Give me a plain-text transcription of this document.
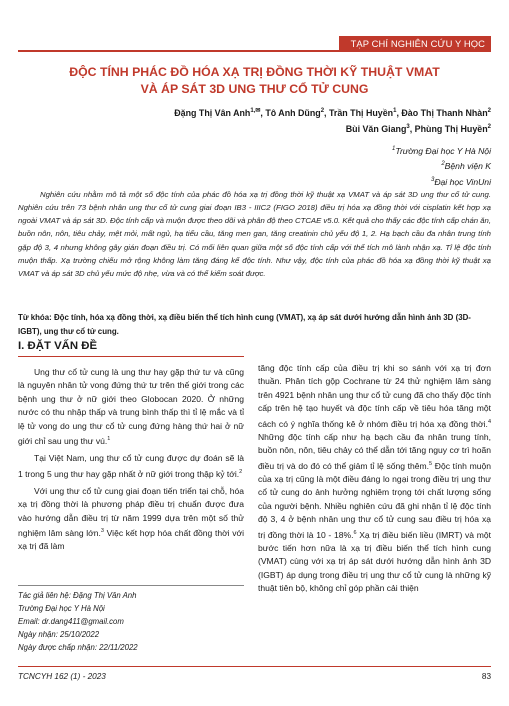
TẠP CHÍ NGHIÊN CỨU Y HỌC
ĐỘC TÍNH PHÁC ĐỒ HÓA XẠ TRỊ ĐỒNG THỜI KỸ THUẬT VMAT
VÀ ÁP SÁT 3D UNG THƯ CỔ TỬ CUNG
Đặng Thị Vân Anh$^{1,✉}$, Tô Anh Dũng$^2$, Trần Thị Huyền$^1$, Đào Thị Thanh Nhàn$^2$
Bùi Văn Giang$^3$, Phùng Thị Huyền$^2$
$^1$Trường Đại học Y Hà Nội
$^2$Bệnh viện K
$^3$Đại học VinUni

Nghiên cứu nhằm mô tả một số độc tính của phác đồ hóa xạ trị đồng thời kỹ thuật xạ VMAT và áp sát 3D ung thư cổ tử cung. Nghiên cứu trên 73 bệnh nhân ung thư cổ tử cung giai đoạn IB3 - IIIC2 (FIGO 2018) điều trị hóa xạ đồng thời với cisplatin kết hợp xạ ngoài VMAT và áp sát 3D. Độc tính cấp và muộn được theo dõi và phân độ theo CTCAE v5.0. Kết quả cho thấy các độc tính cấp chán ăn, buồn nôn, nôn, tiêu chảy, mệt mỏi, mất ngủ, hạ tiểu cầu, tăng men gan, tăng creatinin chủ yếu độ 1, 2. Hạ bạch cầu đa nhân trung tính gặp độ 3, 4 nhưng không gây gián đoạn điều trị. Có mối liên quan giữa một số độc tính cấp với thể tích mô lành nhận xạ. Tỉ lệ độc tính muộn thấp. Xạ trường chiếu mở rộng không làm tăng đáng kể độc tính. Như vậy, độc tính của phác đồ hóa xạ đồng thời kỹ thuật xạ VMAT và áp sát 3D chủ yếu mức độ nhẹ, vừa và có thể kiểm soát được.

Từ khóa: Độc tính, hóa xạ đồng thời, xạ điều biến thể tích hình cung (VMAT), xạ áp sát dưới hướng dẫn hình ảnh 3D (3D-IGBT), ung thư cổ tử cung.

I. ĐẶT VẤN ĐỀ

Ung thư cổ tử cung là ung thư hay gặp thứ tư và cũng là nguyên nhân tử vong đứng thứ tư trên thế giới trong các bệnh ung thư ở nữ giới theo Globocan 2020. Ở những nước có thu nhập thấp và trung bình thấp thì tỉ lệ mắc và tỉ lệ tử vong do ung thư cổ tử cung đứng hàng thứ hai ở nữ giới chỉ sau ung thư vú.$^1$

Tại Việt Nam, ung thư cổ tử cung được dự đoán sẽ là 1 trong 5 ung thư hay gặp nhất ở nữ giới trong thập kỷ tới.$^2$

Với ung thư cổ tử cung giai đoạn tiến triển tại chỗ, hóa xạ trị đồng thời là phương pháp điều trị chuẩn được đưa vào hướng dẫn điều trị từ năm 1999 dựa trên một số thử nghiệm lâm sàng lớn.$^3$ Việc kết hợp hóa chất đồng thời với xạ trị đã làm

Tác giả liên hệ: Đặng Thị Vân Anh
Trường Đại học Y Hà Nội
Email: dr.dang411@gmail.com
Ngày nhận: 25/10/2022
Ngày được chấp nhận: 22/11/2022
tăng độc tính cấp của điều trị khi so sánh với xạ trị đơn thuần. Phân tích gộp Cochrane từ 24 thử nghiệm lâm sàng trên 4921 bệnh nhân ung thư cổ tử cung đã cho thấy độc tính cấp trên hệ tạo huyết và độc tính cấp về tiêu hóa tăng một cách có ý nghĩa thống kê ở nhóm điều trị hóa xạ đồng thời.$^4$ Những độc tính cấp như hạ bạch cầu đa nhân trung tính, buồn nôn, nôn, tiêu chảy có thể dẫn tới tăng nguy cơ trì hoãn điều trị và do đó có thể giảm tỉ lệ sống thêm.$^5$ Độc tính muộn của xạ trị cũng là một điều đáng lo ngại trong điều trị ung thư cổ tử cung do ảnh hưởng nghiêm trọng tới chất lượng sống của người bệnh. Nhiều nghiên cứu đã ghi nhận tỉ lệ độc tính độ 3, 4 ở bệnh nhân ung thư cổ tử cung sau điều trị hóa xạ trị đồng thời là 10 - 18%.$^6$ Xạ trị điều biến liều (IMRT) và một bước tiến hơn nữa là xạ trị điều biến thể tích hình cung (VMAT) cùng với xạ trị áp sát dưới hướng dẫn hình ảnh 3D (IGBT) áp dụng trong điều trị ung thư cổ tử cung là những kỹ thuật tiên bộ, không chỉ góp phần cải thiện
TCNCYH 162 (1) - 2023	83
